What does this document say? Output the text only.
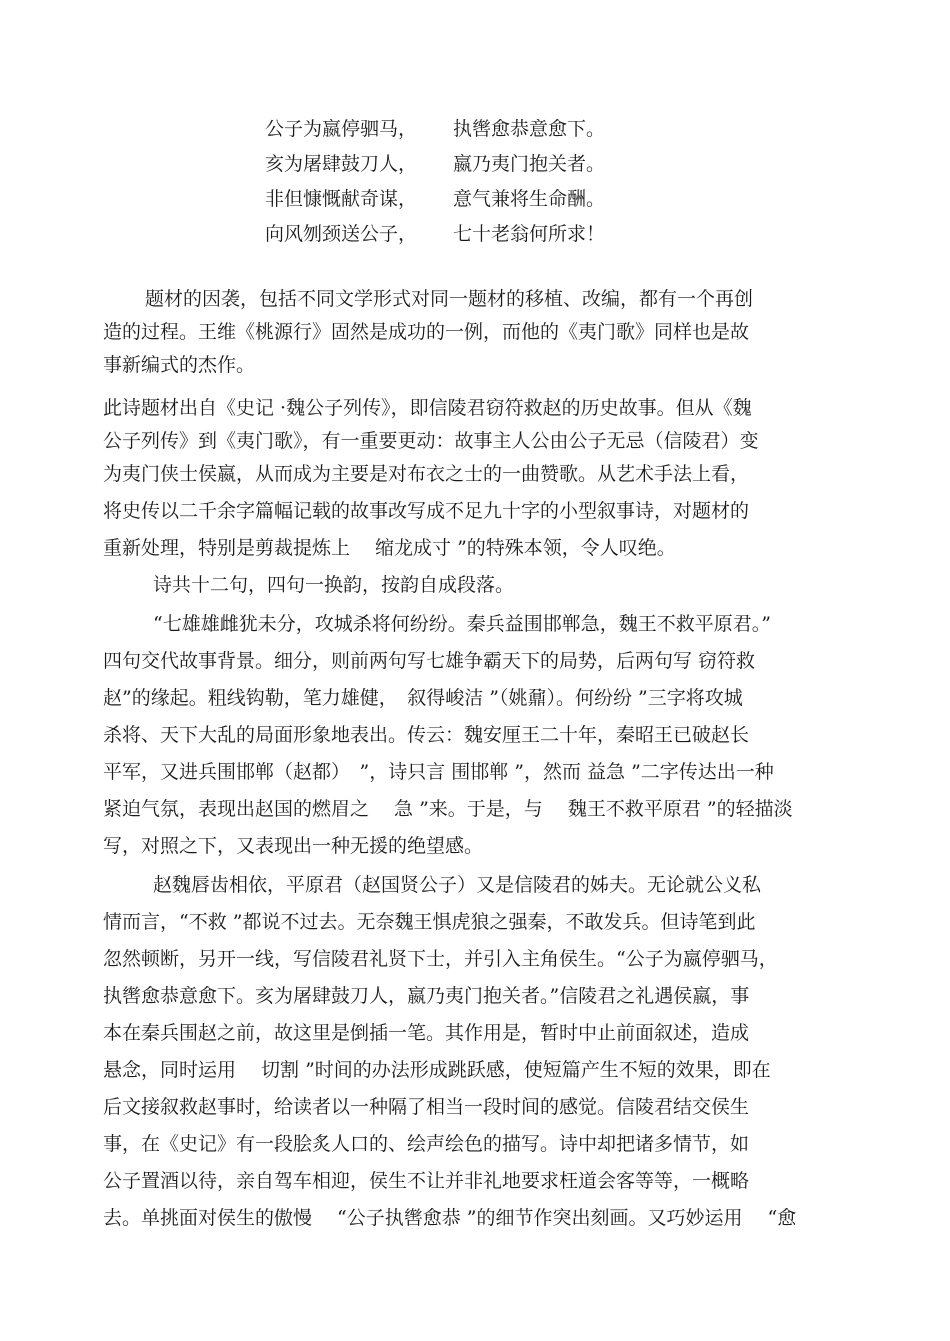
公子为嬴停驷马， 执辔愈恭意愈下。
亥为屠肆鼓刀人， 嬴乃夷门抱关者。
非但慷慨献奇谋， 意气兼将生命酬。
向风刎颈送公子， 七十老翁何所求！
题材的因袭，包括不同文学形式对同一题材的移植、改编，都有一个再创
造的过程。王维《桃源行》固然是成功的一例，而他的《夷门歌》同样也是故
事新编式的杰作。
此诗题材出自《史记 ·魏公子列传》，即信陵君窃符救赵的历史故事。但从《魏
公子列传》到《夷门歌》，有一重要更动：故事主人公由公子无忌（信陵君）变
为夷门侠士侯嬴，从而成为主要是对布衣之士的一曲赞歌。从艺术手法上看，
将史传以二千余字篇幅记载的故事改写成不足九十字的小型叙事诗，对题材的
重新处理，特别是剪裁提炼上　 缩龙成寸 ”的特殊本领，令人叹绝。
诗共十二句，四句一换韵，按韵自成段落。
“七雄雄雌犹未分，攻城杀将何纷纷。秦兵益围邯郸急，魏王不救平原君。”
四句交代故事背景。细分，则前两句写七雄争霸天下的局势，后两句写 窃符救
赵”的缘起。粗线钩勒，笔力雄健，　叙得峻洁 ”（姚鼐）。何纷纷 ”三字将攻城
杀将、天下大乱的局面形象地表出。传云：魏安厘王二十年，秦昭王已破赵长
平军，又进兵围邯郸（赵都）　”，诗只言 围邯郸 ”，然而 益急 ”二字传达出一种
紧迫气氛，表现出赵国的燃眉之　 急 ”来。于是，与　 魏王不救平原君 ”的轻描淡
写，对照之下，又表现出一种无援的绝望感。
赵魏唇齿相依，平原君（赵国贤公子）又是信陵君的姊夫。无论就公义私
情而言，“不救 ”都说不过去。无奈魏王惧虎狼之强秦，不敢发兵。但诗笔到此
忽然顿断，另开一线，写信陵君礼贤下士，并引入主角侯生。“公子为嬴停驷马，
执辔愈恭意愈下。亥为屠肆鼓刀人，嬴乃夷门抱关者。”信陵君之礼遇侯嬴，事
本在秦兵围赵之前，故这里是倒插一笔。其作用是，暂时中止前面叙述，造成
悬念，同时运用　 切割 ”时间的办法形成跳跃感，使短篇产生不短的效果，即在
后文接叙救赵事时，给读者以一种隔了相当一段时间的感觉。信陵君结交侯生
事，在《史记》有一段脍炙人口的、绘声绘色的描写。诗中却把诸多情节，如
公子置酒以待，亲自驾车相迎，侯生不让并非礼地要求枉道会客等等，一概略
去。单挑面对侯生的傲慢　 “公子执辔愈恭 ”的细节作突出刻画。又巧妙运用　 “愈
